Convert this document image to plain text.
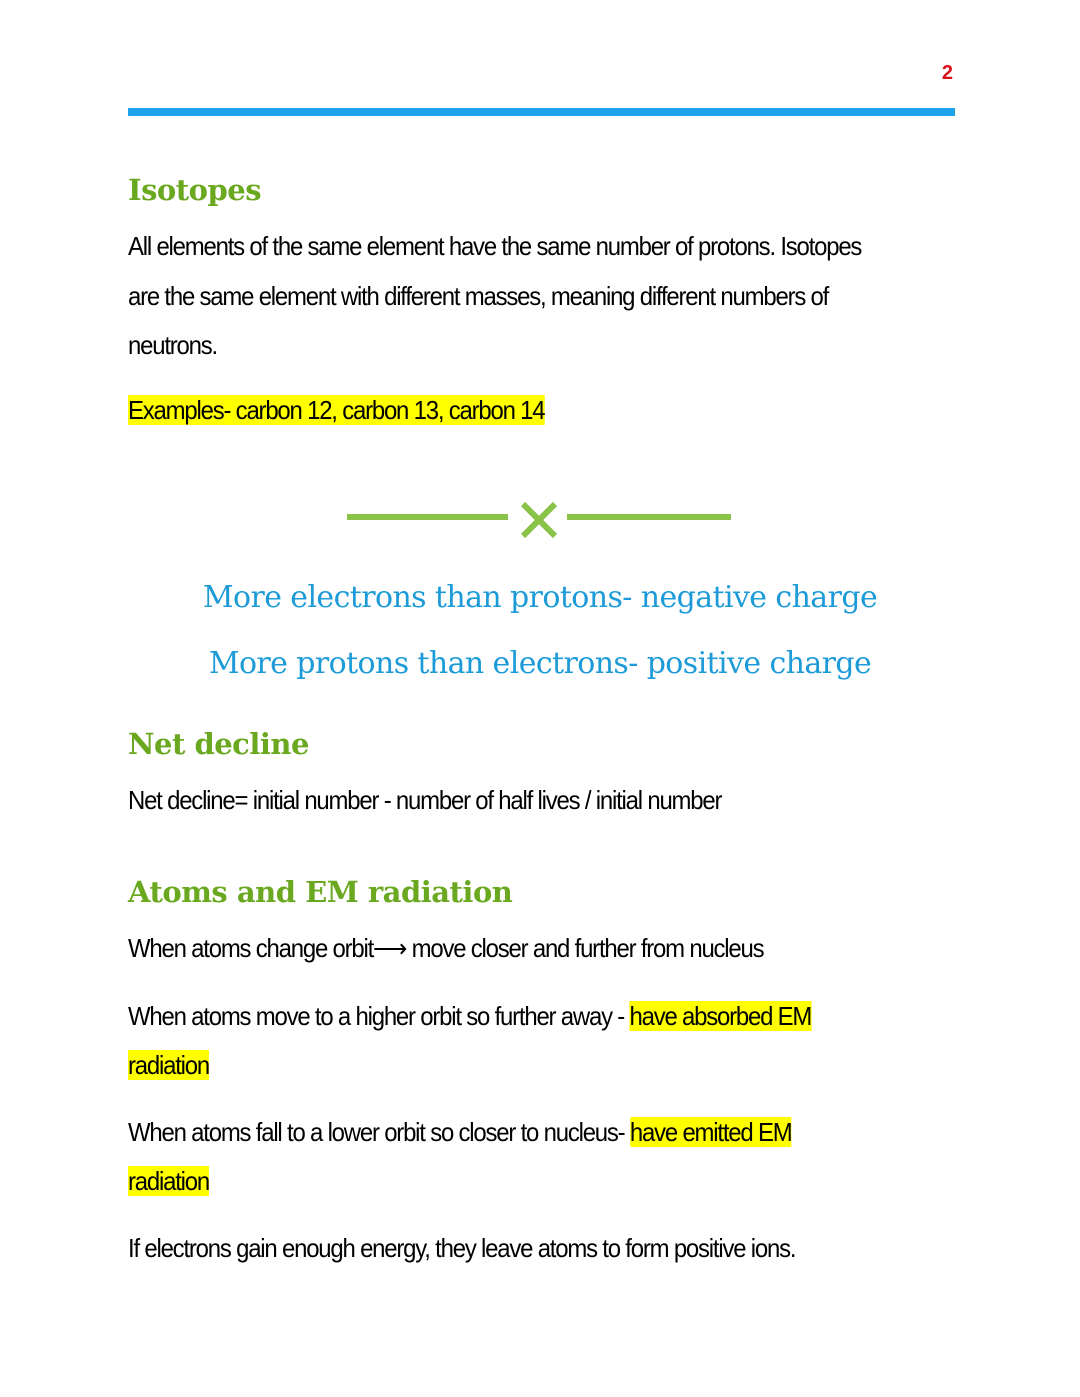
2
Isotopes
All elements of the same element have the same number of protons. Isotopes
are the same element with different masses, meaning different numbers of
neutrons.
Examples- carbon 12, carbon 13, carbon 14
More electrons than protons- negative charge
More protons than electrons- positive charge
Net decline
Net decline= initial number - number of half lives / initial number
Atoms and EM radiation
When atoms change orbit⟶ move closer and further from nucleus
When atoms move to a higher orbit so further away - have absorbed EM
radiation
When atoms fall to a lower orbit so closer to nucleus- have emitted EM
radiation
If electrons gain enough energy, they leave atoms to form positive ions.
